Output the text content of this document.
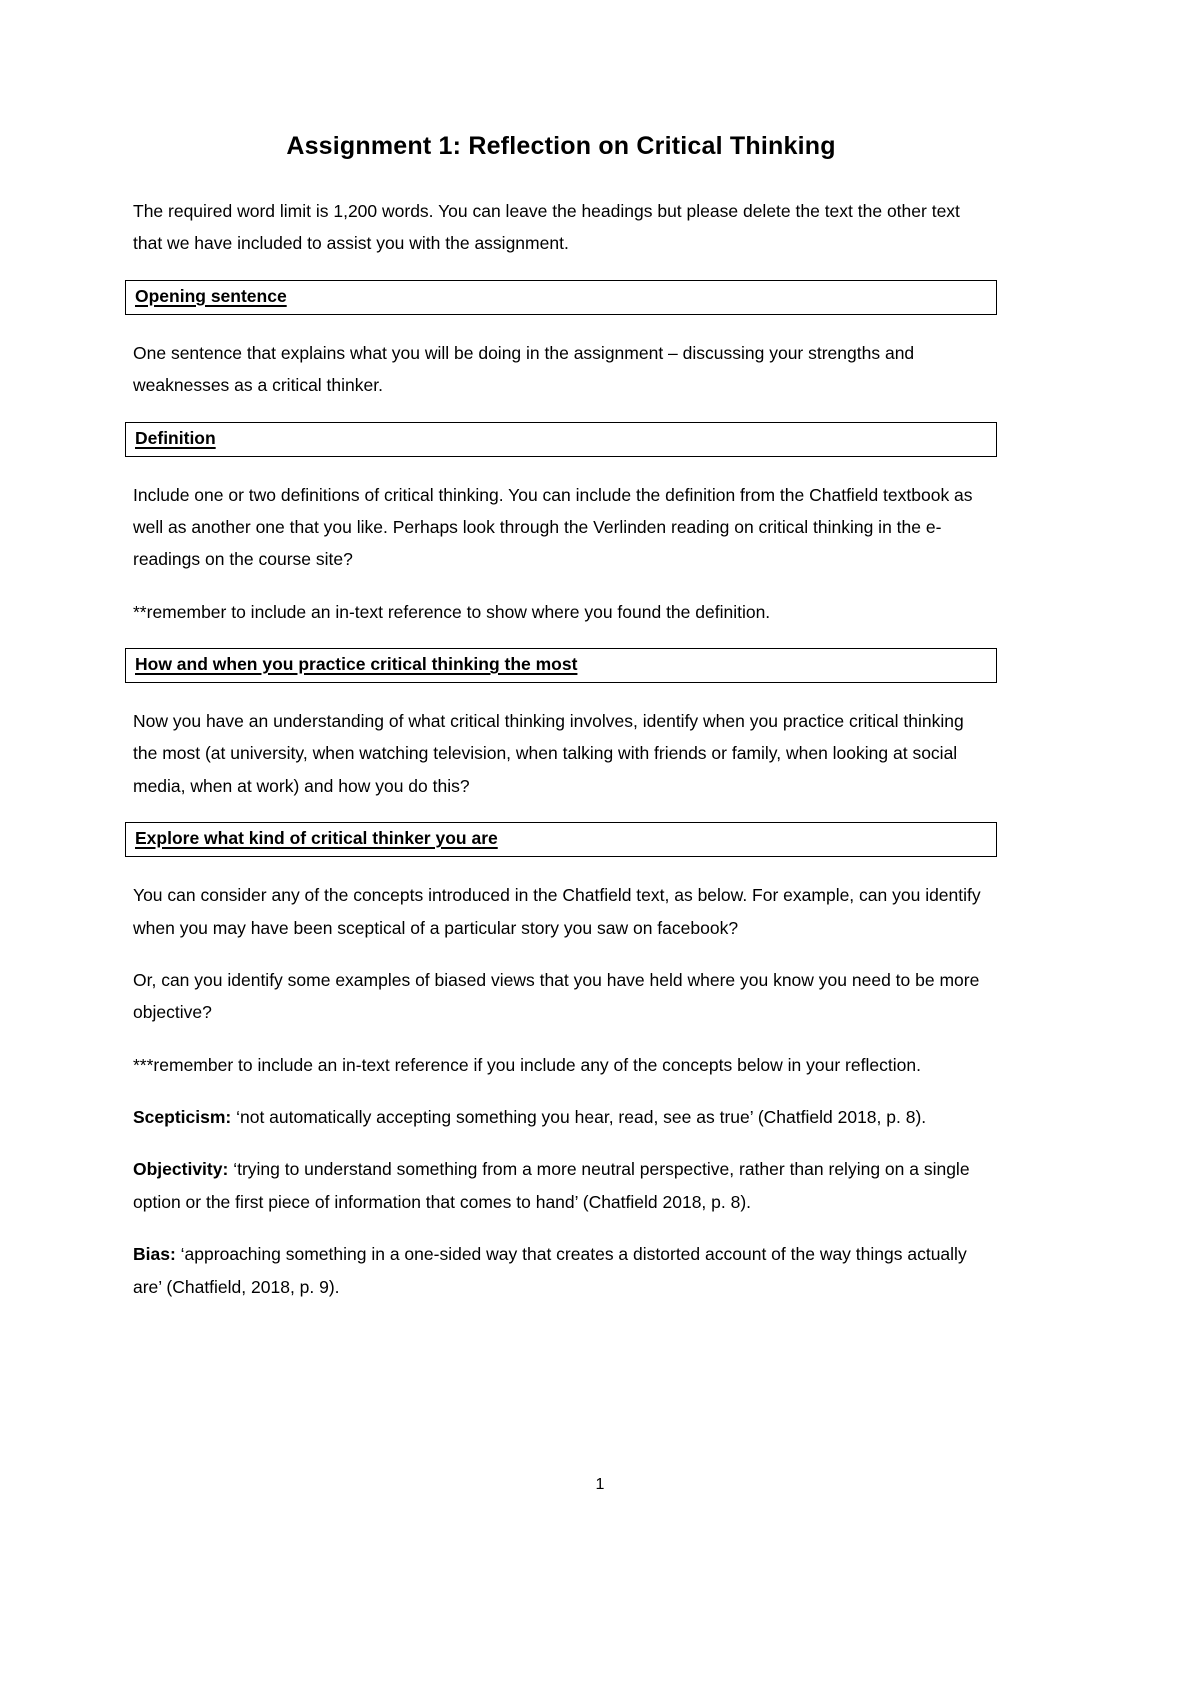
Assignment 1: Reflection on Critical Thinking

The required word limit is 1,200 words. You can leave the headings but please delete the text the other text that we have included to assist you with the assignment.

Opening sentence

One sentence that explains what you will be doing in the assignment – discussing your strengths and weaknesses as a critical thinker.

Definition

Include one or two definitions of critical thinking. You can include the definition from the Chatfield textbook as well as another one that you like. Perhaps look through the Verlinden reading on critical thinking in the e-readings on the course site?

**remember to include an in-text reference to show where you found the definition.

How and when you practice critical thinking the most

Now you have an understanding of what critical thinking involves, identify when you practice critical thinking the most (at university, when watching television, when talking with friends or family, when looking at social media, when at work) and how you do this?

Explore what kind of critical thinker you are

You can consider any of the concepts introduced in the Chatfield text, as below. For example, can you identify when you may have been sceptical of a particular story you saw on facebook?

Or, can you identify some examples of biased views that you have held where you know you need to be more objective?

***remember to include an in-text reference if you include any of the concepts below in your reflection.

Scepticism: ‘not automatically accepting something you hear, read, see as true’ (Chatfield 2018, p. 8).

Objectivity: ‘trying to understand something from a more neutral perspective, rather than relying on a single option or the first piece of information that comes to hand’ (Chatfield 2018, p. 8).

Bias: ‘approaching something in a one-sided way that creates a distorted account of the way things actually are’ (Chatfield, 2018, p. 9).

1
